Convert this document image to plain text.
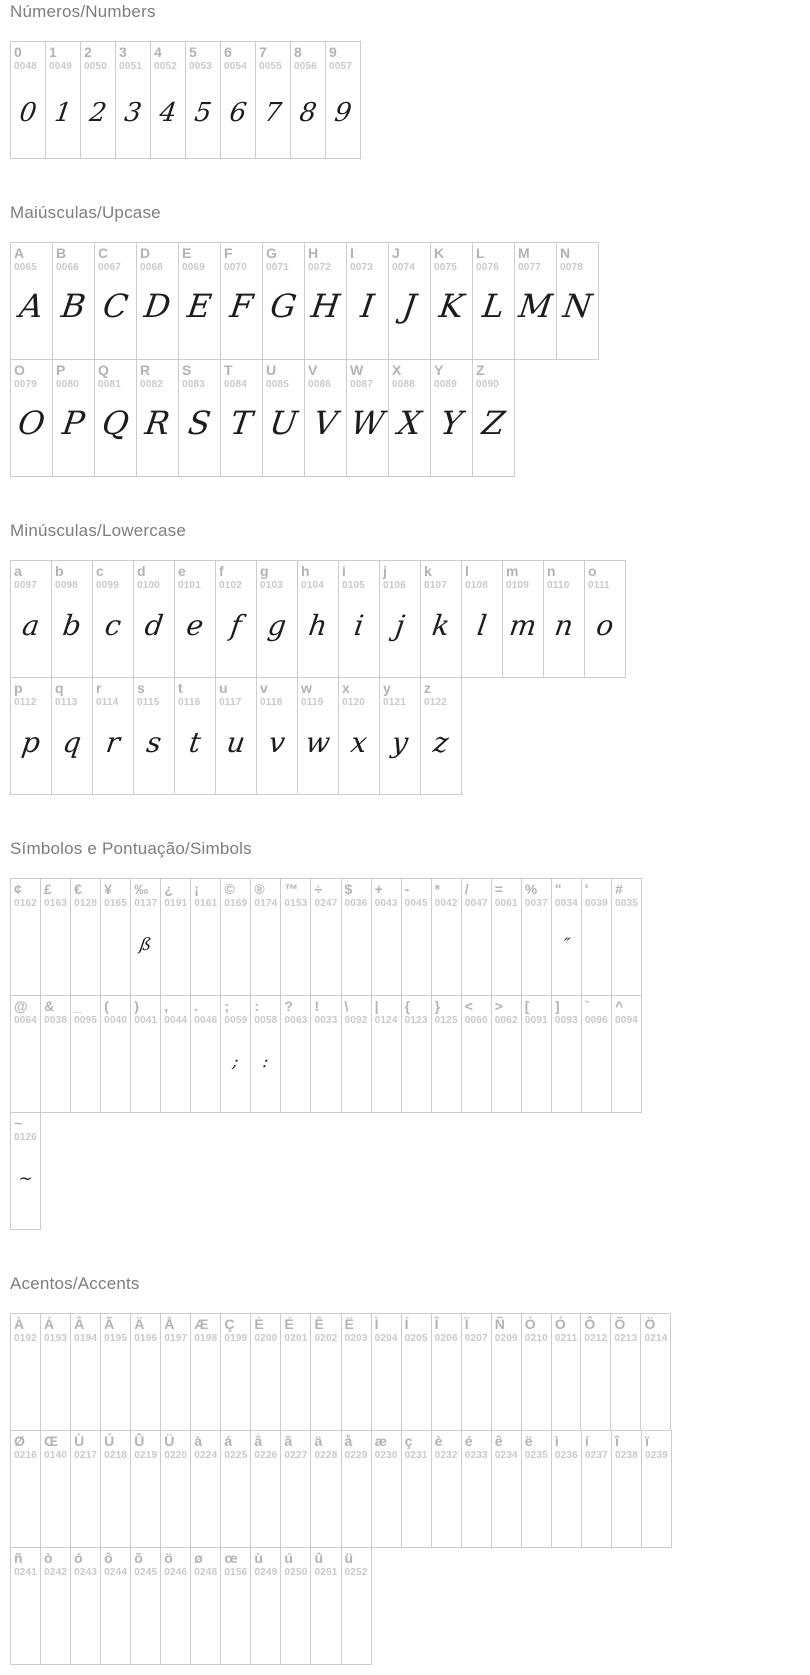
Números/Numbers
0
0048
0
1
0049
1
2
0050
2
3
0051
3
4
0052
4
5
0053
5
6
0054
6
7
0055
7
8
0056
8
9
0057
9
Maiúsculas/Upcase
A
0065
A
B
0066
B
C
0067
C
D
0068
D
E
0069
E
F
0070
F
G
0071
G
H
0072
H
I
0073
I
J
0074
J
K
0075
K
L
0076
L
M
0077
M
N
0078
N
O
0079
O
P
0080
P
Q
0081
Q
R
0082
R
S
0083
S
T
0084
T
U
0085
U
V
0086
V
W
0087
W
X
0088
X
Y
0089
Y
Z
0090
Z
Minúsculas/Lowercase
a
0097
a
b
0098
b
c
0099
c
d
0100
d
e
0101
e
f
0102
f
g
0103
g
h
0104
h
i
0105
i
j
0106
j
k
0107
k
l
0108
l
m
0109
m
n
0110
n
o
0111
o
p
0112
p
q
0113
q
r
0114
r
s
0115
s
t
0116
t
u
0117
u
v
0118
v
w
0119
w
x
0120
x
y
0121
y
z
0122
z
Símbolos e Pontuação/Simbols
¢
0162
£
0163
€
0128
¥
0165
‰
0137
ß
¿
0191
¡
0161
©
0169
®
0174
™
0153
÷
0247
$
0036
+
0043
-
0045
*
0042
/
0047
=
0061
%
0037
"
0034
″
'
0039
#
0035
@
0064
&
0038
_
0095
(
0040
)
0041
,
0044
.
0046
;
0059
;
:
0058
:
?
0063
!
0033
\
0092
|
0124
{
0123
}
0125
<
0060
>
0062
[
0091
]
0093
`
0096
^
0094
~
0126
~
Acentos/Accents
À
0192
Á
0193
Â
0194
Ã
0195
Ä
0196
Å
0197
Æ
0198
Ç
0199
È
0200
É
0201
Ê
0202
Ë
0203
Ì
0204
Í
0205
Î
0206
Ï
0207
Ñ
0209
Ò
0210
Ó
0211
Ô
0212
Õ
0213
Ö
0214
Ø
0216
Œ
0140
Ù
0217
Ú
0218
Û
0219
Ü
0220
à
0224
á
0225
â
0226
ã
0227
ä
0228
å
0229
æ
0230
ç
0231
è
0232
é
0233
ê
0234
ë
0235
ì
0236
í
0237
î
0238
ï
0239
ñ
0241
ò
0242
ó
0243
ô
0244
õ
0245
ö
0246
ø
0248
œ
0156
ù
0249
ú
0250
û
0251
ü
0252
